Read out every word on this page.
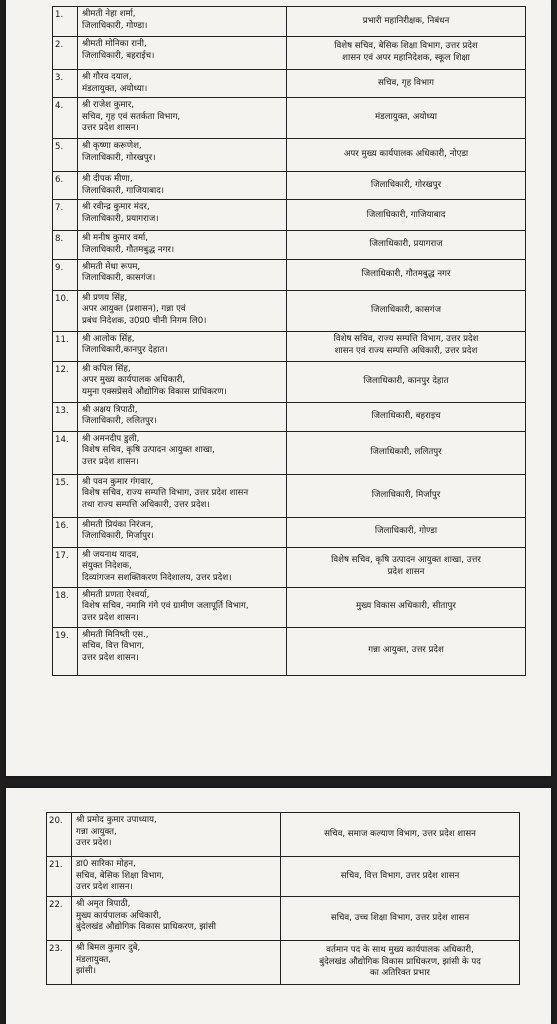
1.	श्रीमती नेहा शर्मा,
जिलाधिकारी, गोण्डा।	प्रभारी महानिरीक्षक, निबंधन
2.	श्रीमती मोनिका रानी,
जिलाधिकारी, बहराईच।	विशेष सचिव, बेसिक शिक्षा विभाग, उत्तर प्रदेश
शासन एवं अपर महानिदेशक, स्कूल शिक्षा
3.	श्री गौरव दयाल,
मंडलायुक्त, अयोध्या।	सचिव, गृह विभाग
4.	श्री राजेश कुमार,
सचिव, गृह एवं सतर्कता विभाग,
उत्तर प्रदेश शासन।	मंडलायुक्त, अयोध्या
5.	श्री कृष्णा करूणेश,
जिलाधिकारी, गोरखपुर।	अपर मुख्य कार्यपालक अधिकारी, नोएडा
6.	श्री दीपक मीणा,
जिलाधिकारी, गाजियाबाद।	जिलाधिकारी, गोरखपुर
7.	श्री रवीन्द्र कुमार मंदर,
जिलाधिकारी, प्रयागराज।	जिलाधिकारी, गाजियाबाद
8.	श्री मनीष कुमार वर्मा,
जिलाधिकारी, गौतमबुद्ध नगर।	जिलाधिकारी, प्रयागराज
9.	श्रीमती मेधा रूपम,
जिलाधिकारी, कासगंज।	जिलाधिकारी, गौतमबुद्ध नगर
10.	श्री प्रणय सिंह,
अपर आयुक्त (प्रशासन), गन्ना एवं
प्रबंध निदेशक, उ0प्र0 चीनी निगम लि0।	जिलाधिकारी, कासगंज
11.	श्री आलोक सिंह,
जिलाधिकारी,कानपुर देहात।	विशेष सचिव, राज्य सम्पत्ति विभाग, उत्तर प्रदेश
शासन एवं राज्य सम्पत्ति अधिकारी, उत्तर प्रदेश
12.	श्री कपिल सिंह,
अपर मुख्य कार्यपालक अधिकारी,
यमुना एक्सप्रेसवे औद्योगिक विकास प्राधिकरण।	जिलाधिकारी, कानपुर देहात
13.	श्री अक्षय त्रिपाठी,
जिलाधिकारी, ललितपुर।	जिलाधिकारी, बहराइच
14.	श्री अमनदीप डुली,
विशेष सचिव, कृषि उत्पादन आयुक्त शाखा,
उत्तर प्रदेश शासन।	जिलाधिकारी, ललितपुर
15.	श्री पवन कुमार गंगवार,
विशेष सचिव, राज्य सम्पत्ति विभाग, उत्तर प्रदेश शासन
तथा राज्य सम्पत्ति अधिकारी, उत्तर प्रदेश।	जिलाधिकारी, मिर्जापुर
16.	श्रीमती प्रियंका निरंजन,
जिलाधिकारी, मिर्जापुर।	जिलाधिकारी, गोण्डा
17.	श्री जयनाथ यादव,
संयुक्त निदेशक,
दिव्यांगजन सशक्तिकरण निदेशालय, उत्तर प्रदेश।	विशेष सचिव, कृषि उत्पादन आयुक्त शाखा, उत्तर
प्रदेश शासन
18.	श्रीमती प्रणता ऐश्वर्या,
विशेष सचिव, नमामि गंगे एवं ग्रामीण जलापूर्ति विभाग,
उत्तर प्रदेश शासन।	मुख्य विकास अधिकारी, सीतापुर
19.	श्रीमती मिनिष्ती एस.,
सचिव, वित्त विभाग,
उत्तर प्रदेश शासन।	गन्ना आयुक्त, उत्तर प्रदेश
20.	श्री प्रमोद कुमार उपाध्याय,
गन्ना आयुक्त,
उत्तर प्रदेश।	सचिव, समाज कल्याण विभाग, उत्तर प्रदेश शासन
21.	डा0 सारिका मोहन,
सचिव, बेसिक शिक्षा विभाग,
उत्तर प्रदेश शासन।	सचिव, वित्त विभाग, उत्तर प्रदेश शासन
22.	श्री अमृत त्रिपाठी,
मुख्य कार्यपालक अधिकारी,
बुंदेलखंड औद्योगिक विकास प्राधिकरण, झांसी	सचिव, उच्च शिक्षा विभाग, उत्तर प्रदेश शासन
23.	श्री बिमल कुमार दुबे,
मंडलायुक्त,
झांसी।	वर्तमान पद के साथ मुख्य कार्यपालक अधिकारी,
बुंदेलखंड औद्योगिक विकास प्राधिकरण, झांसी के पद
का अतिरिक्त प्रभार
